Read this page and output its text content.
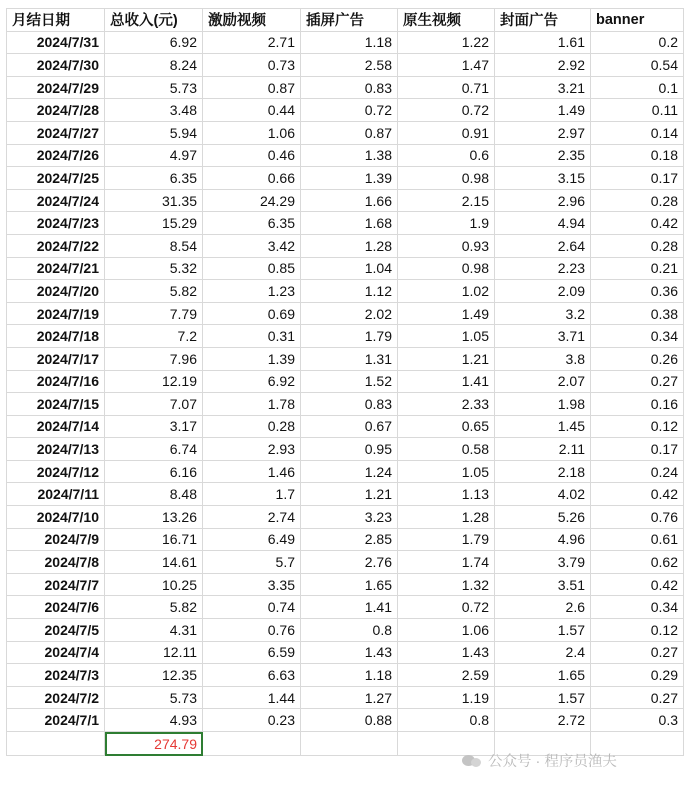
月结日期	总收入(元)	激励视频	插屏广告	原生视频	封面广告	banner
2024/7/31	6.92	2.71	1.18	1.22	1.61	0.2
2024/7/30	8.24	0.73	2.58	1.47	2.92	0.54
2024/7/29	5.73	0.87	0.83	0.71	3.21	0.1
2024/7/28	3.48	0.44	0.72	0.72	1.49	0.11
2024/7/27	5.94	1.06	0.87	0.91	2.97	0.14
2024/7/26	4.97	0.46	1.38	0.6	2.35	0.18
2024/7/25	6.35	0.66	1.39	0.98	3.15	0.17
2024/7/24	31.35	24.29	1.66	2.15	2.96	0.28
2024/7/23	15.29	6.35	1.68	1.9	4.94	0.42
2024/7/22	8.54	3.42	1.28	0.93	2.64	0.28
2024/7/21	5.32	0.85	1.04	0.98	2.23	0.21
2024/7/20	5.82	1.23	1.12	1.02	2.09	0.36
2024/7/19	7.79	0.69	2.02	1.49	3.2	0.38
2024/7/18	7.2	0.31	1.79	1.05	3.71	0.34
2024/7/17	7.96	1.39	1.31	1.21	3.8	0.26
2024/7/16	12.19	6.92	1.52	1.41	2.07	0.27
2024/7/15	7.07	1.78	0.83	2.33	1.98	0.16
2024/7/14	3.17	0.28	0.67	0.65	1.45	0.12
2024/7/13	6.74	2.93	0.95	0.58	2.11	0.17
2024/7/12	6.16	1.46	1.24	1.05	2.18	0.24
2024/7/11	8.48	1.7	1.21	1.13	4.02	0.42
2024/7/10	13.26	2.74	3.23	1.28	5.26	0.76
2024/7/9	16.71	6.49	2.85	1.79	4.96	0.61
2024/7/8	14.61	5.7	2.76	1.74	3.79	0.62
2024/7/7	10.25	3.35	1.65	1.32	3.51	0.42
2024/7/6	5.82	0.74	1.41	0.72	2.6	0.34
2024/7/5	4.31	0.76	0.8	1.06	1.57	0.12
2024/7/4	12.11	6.59	1.43	1.43	2.4	0.27
2024/7/3	12.35	6.63	1.18	2.59	1.65	0.29
2024/7/2	5.73	1.44	1.27	1.19	1.57	0.27
2024/7/1	4.93	0.23	0.88	0.8	2.72	0.3
	274.79					
公众号 · 程序员渔夫
